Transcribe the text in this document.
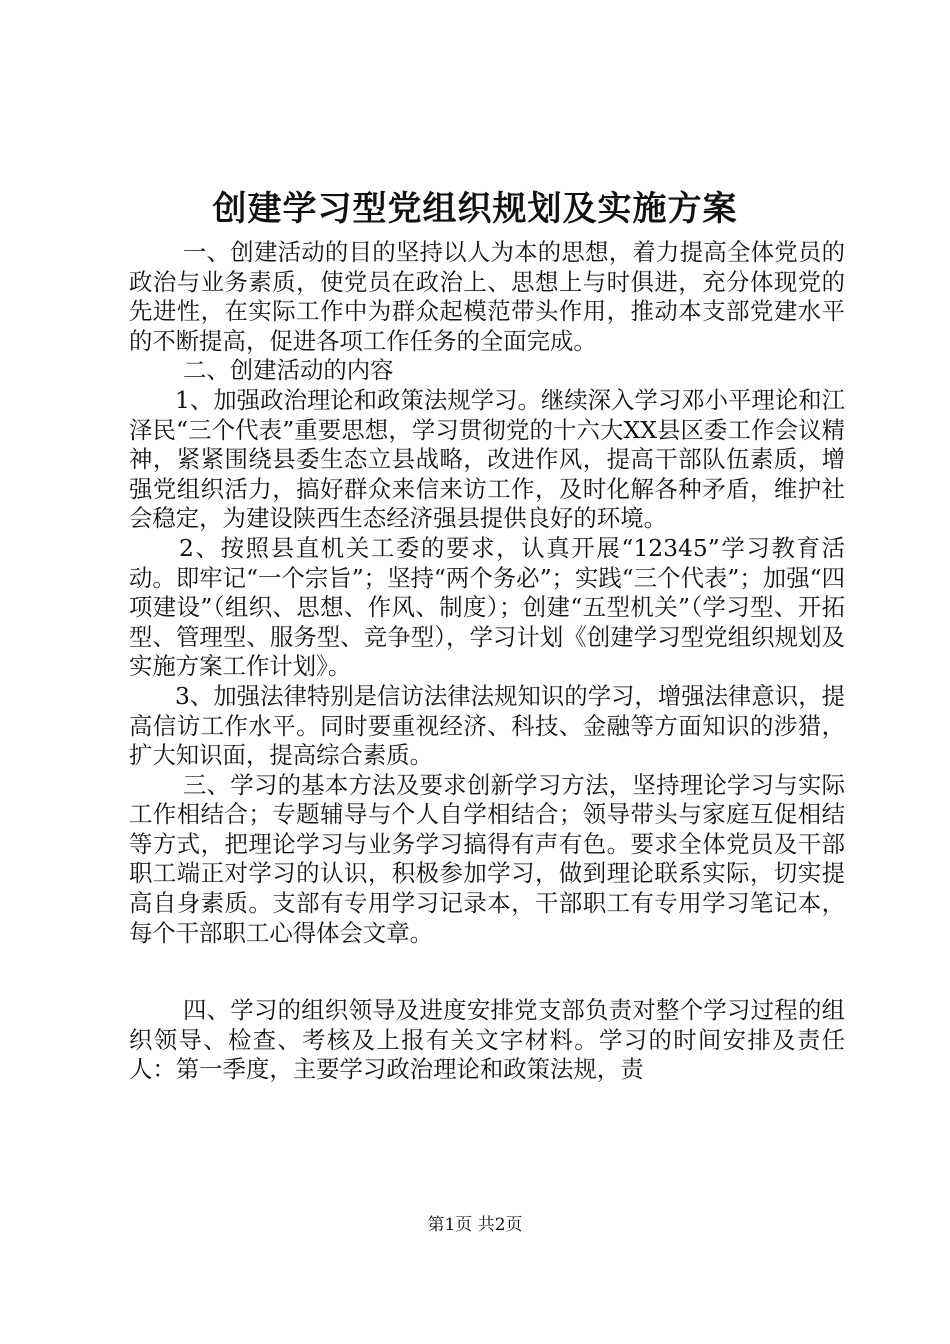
创建学习型党组织规划及实施方案

一、创建活动的目的坚持以人为本的思想，着力提高全体党员的政治与业务素质，使党员在政治上、思想上与时俱进，充分体现党的先进性，在实际工作中为群众起模范带头作用，推动本支部党建水平的不断提高，促进各项工作任务的全面完成。

二、创建活动的内容

1、加强政治理论和政策法规学习。继续深入学习邓小平理论和江泽民“三个代表”重要思想，学习贯彻党的十六大XX县区委工作会议精神，紧紧围绕县委生态立县战略，改进作风，提高干部队伍素质，增强党组织活力，搞好群众来信来访工作，及时化解各种矛盾，维护社会稳定，为建设陕西生态经济强县提供良好的环境。

2、按照县直机关工委的要求，认真开展“12345”学习教育活动。即牢记“一个宗旨”；坚持“两个务必”；实践“三个代表”；加强“四项建设”（组织、思想、作风、制度）；创建“五型机关”（学习型、开拓型、管理型、服务型、竞争型），学习计划《创建学习型党组织规划及实施方案工作计划》。

3、加强法律特别是信访法律法规知识的学习，增强法律意识，提高信访工作水平。同时要重视经济、科技、金融等方面知识的涉猎，扩大知识面，提高综合素质。

三、学习的基本方法及要求创新学习方法，坚持理论学习与实际工作相结合；专题辅导与个人自学相结合；领导带头与家庭互促相结等方式，把理论学习与业务学习搞得有声有色。要求全体党员及干部职工端正对学习的认识，积极参加学习，做到理论联系实际，切实提高自身素质。支部有专用学习记录本，干部职工有专用学习笔记本，每个干部职工心得体会文章。

四、学习的组织领导及进度安排党支部负责对整个学习过程的组织领导、检查、考核及上报有关文字材料。学习的时间安排及责任人：第一季度，主要学习政治理论和政策法规，责

第1页 共2页
